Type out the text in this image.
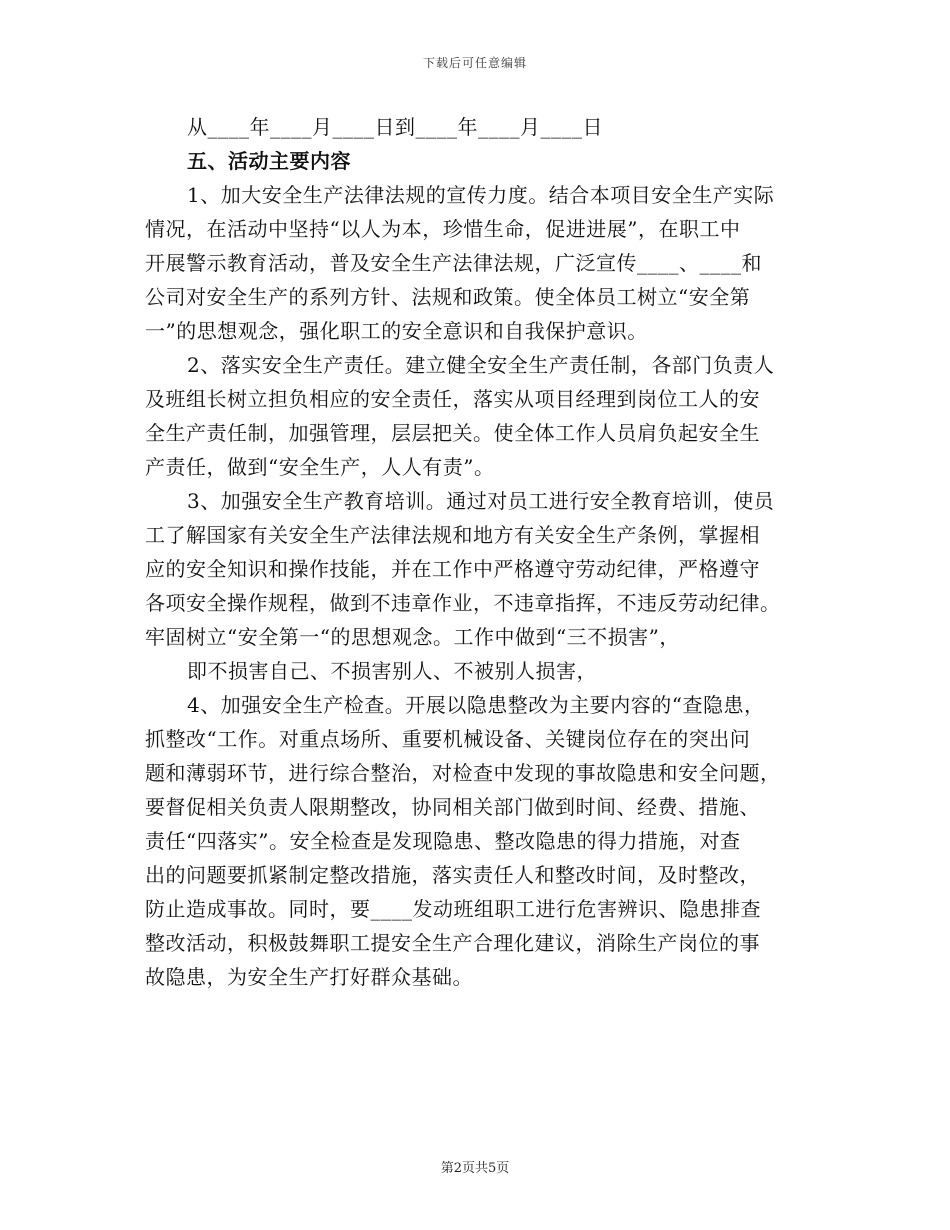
下载后可任意编辑
从____年____月____日到____年____月____日
五、活动主要内容
1、加大安全生产法律法规的宣传力度。结合本项目安全生产实际
情况，在活动中坚持“以人为本，珍惜生命，促进进展”，在职工中
开展警示教育活动，普及安全生产法律法规，广泛宣传____、____和
公司对安全生产的系列方针、法规和政策。使全体员工树立“安全第
一”的思想观念，强化职工的安全意识和自我保护意识。
2、落实安全生产责任。建立健全安全生产责任制，各部门负责人
及班组长树立担负相应的安全责任，落实从项目经理到岗位工人的安
全生产责任制，加强管理，层层把关。使全体工作人员肩负起安全生
产责任，做到“安全生产，人人有责”。
3、加强安全生产教育培训。通过对员工进行安全教育培训，使员
工了解国家有关安全生产法律法规和地方有关安全生产条例，掌握相
应的安全知识和操作技能，并在工作中严格遵守劳动纪律，严格遵守
各项安全操作规程，做到不违章作业，不违章指挥，不违反劳动纪律。
牢固树立“安全第一“的思想观念。工作中做到“三不损害”，
即不损害自己、不损害别人、不被别人损害，
4、加强安全生产检查。开展以隐患整改为主要内容的“查隐患，
抓整改“工作。对重点场所、重要机械设备、关键岗位存在的突出问
题和薄弱环节，进行综合整治，对检查中发现的事故隐患和安全问题，
要督促相关负责人限期整改，协同相关部门做到时间、经费、措施、
责任“四落实”。安全检查是发现隐患、整改隐患的得力措施，对查
出的问题要抓紧制定整改措施，落实责任人和整改时间，及时整改，
防止造成事故。同时，要____发动班组职工进行危害辨识、隐患排查
整改活动，积极鼓舞职工提安全生产合理化建议，消除生产岗位的事
故隐患，为安全生产打好群众基础。
第2页共5页
